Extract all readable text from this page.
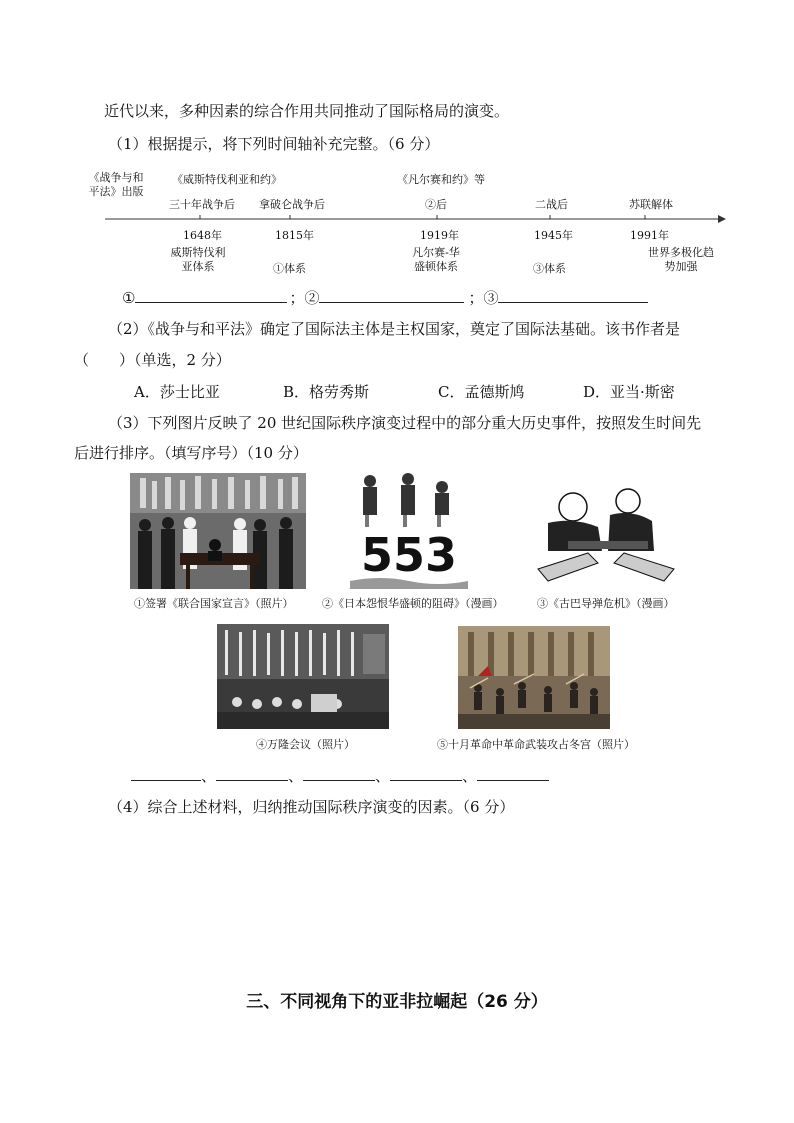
近代以来，多种因素的综合作用共同推动了国际格局的演变。
（1）根据提示，将下列时间轴补充完整。（6 分）
《战争与和平法》出版
《威斯特伐利亚和约》	《凡尔赛和约》等
三十年战争后 拿破仑战争后	②后	二战后	苏联解体
1648年	1815年	1919年	1945年	1991年
威斯特伐利亚体系	①体系
凡尔赛-华盛顿体系	③体系
世界多极化趋势加强
①	；②	；③
（2）《战争与和平法》确定了国际法主体是主权国家，奠定了国际法基础。该书作者是
（　　）（单选，2 分）
A．莎士比亚	B．格劳秀斯	C．孟德斯鸠	D．亚当·斯密
（3）下列图片反映了 20 世纪国际秩序演变过程中的部分重大历史事件，按照发生时间先
后进行排序。（填写序号）（10 分）
①签署《联合国家宣言》（照片）
553
②《日本怨恨华盛顿的阻碍》（漫画）	③《古巴导弹危机》（漫画）
④万隆会议（照片）	⑤十月革命中革命武装攻占冬宫（照片）
、	、	、	、
（4）综合上述材料，归纳推动国际秩序演变的因素。（6 分）
三、不同视角下的亚非拉崛起（26 分）
